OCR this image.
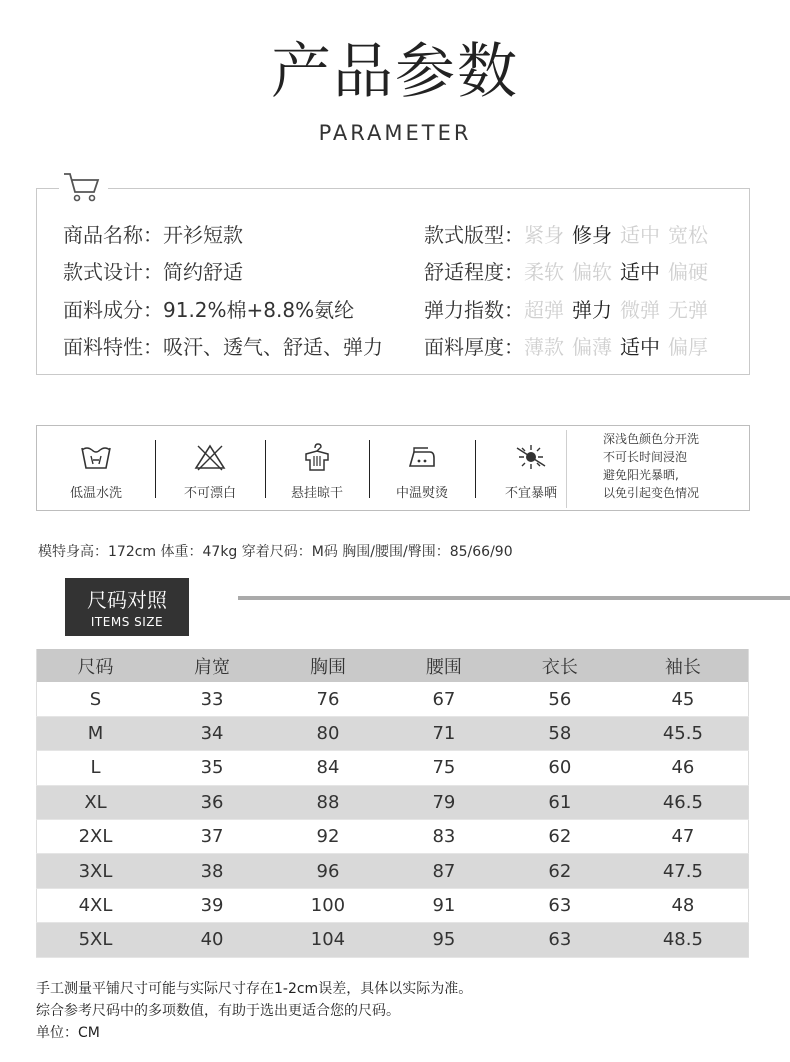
产品参数
PARAMETER
商品名称：开衫短款
款式设计：简约舒适
面料成分：91.2%棉+8.8%氨纶
面料特性：吸汗、透气、舒适、弹力
款式版型：紧身 修身 适中 宽松
舒适程度：柔软 偏软 适中 偏硬
弹力指数：超弹 弹力 微弹 无弹
面料厚度：薄款 偏薄 适中 偏厚
低温水洗	不可漂白	悬挂晾干	中温熨烫	不宜暴晒
深浅色颜色分开洗
不可长时间浸泡
避免阳光暴晒,
以免引起变色情况
模特身高：172cm 体重：47kg 穿着尺码：M码 胸围/腰围/臀围：85/66/90
尺码对照
ITEMS SIZE
尺码	肩宽	胸围	腰围	衣长	袖长
S	33	76	67	56	45
M	34	80	71	58	45.5
L	35	84	75	60	46
XL	36	88	79	61	46.5
2XL	37	92	83	62	47
3XL	38	96	87	62	47.5
4XL	39	100	91	63	48
5XL	40	104	95	63	48.5
手工测量平铺尺寸可能与实际尺寸存在1-2cm误差，具体以实际为准。
综合参考尺码中的多项数值，有助于选出更适合您的尺码。
单位：CM
